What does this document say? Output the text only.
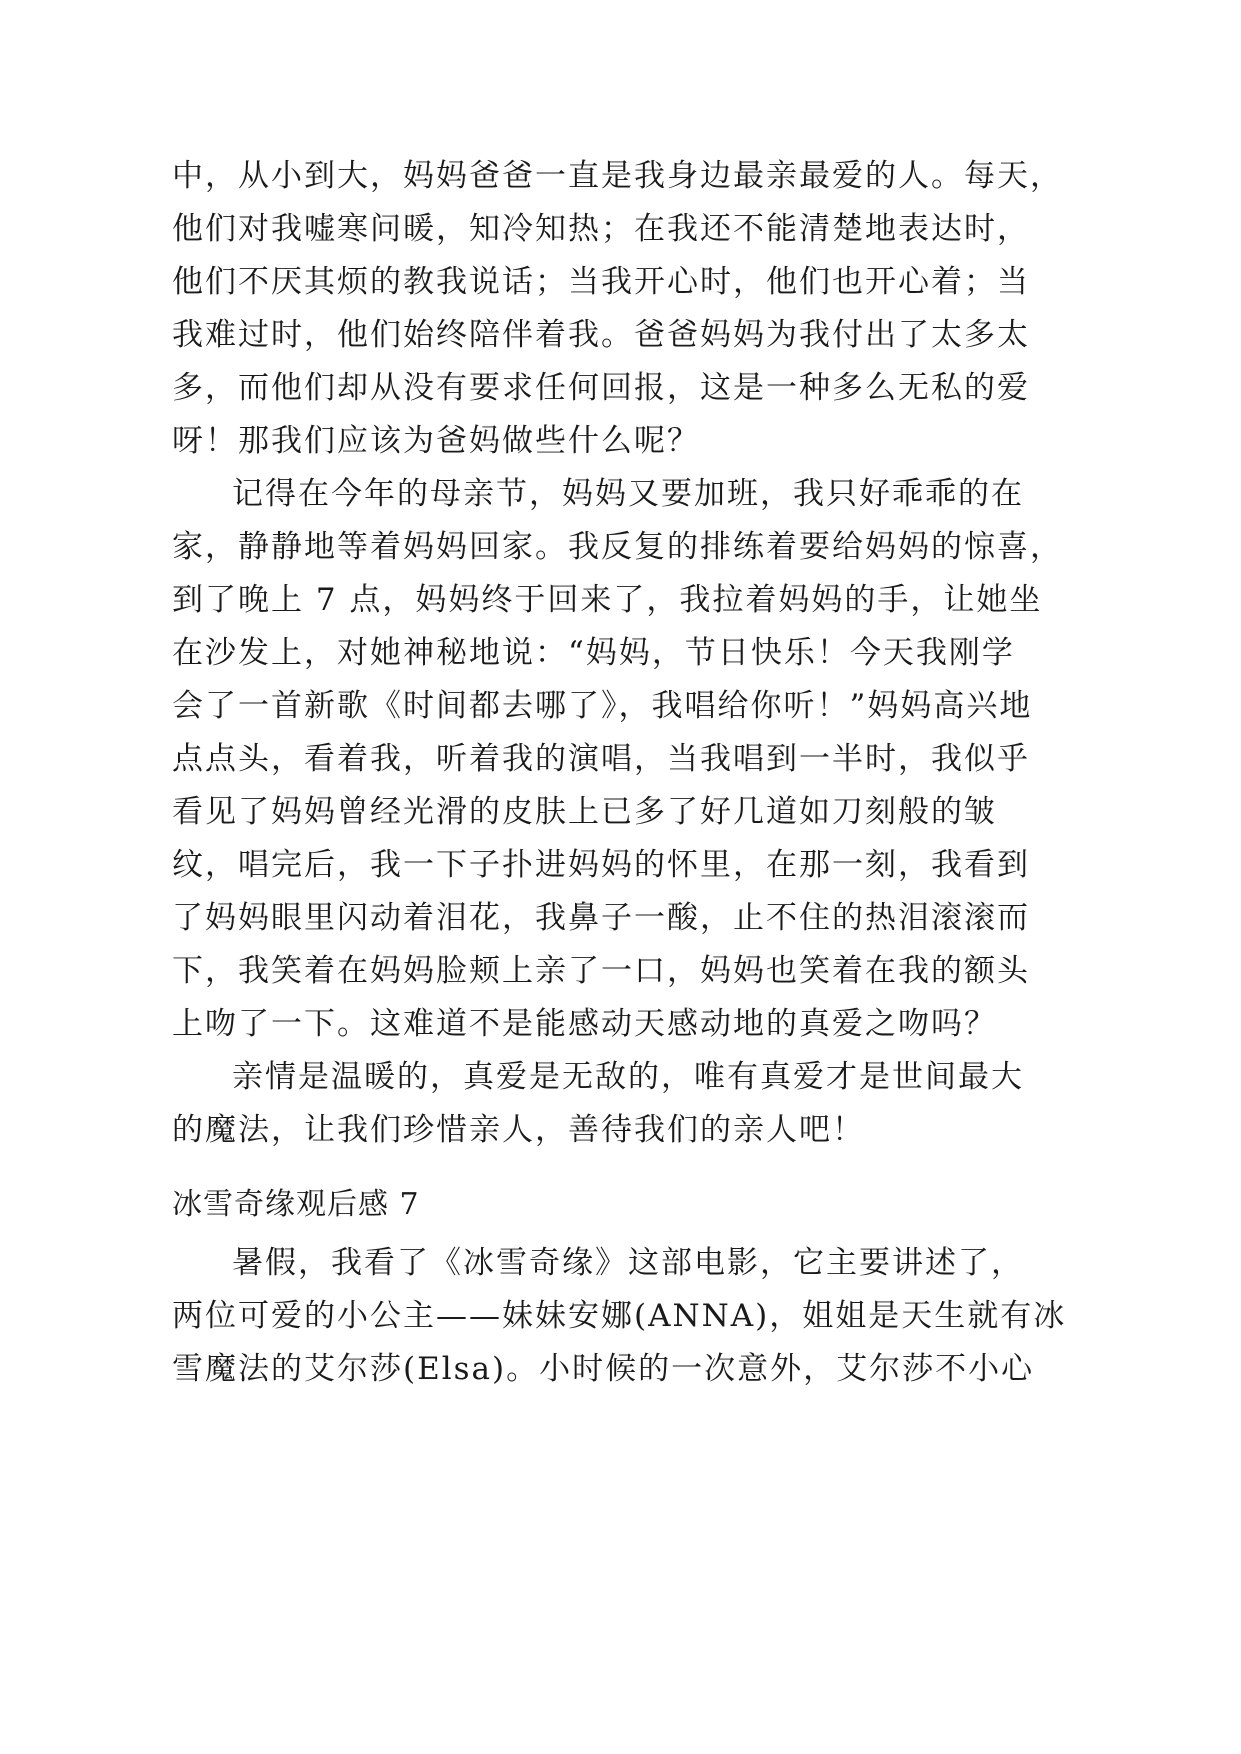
中，从小到大，妈妈爸爸一直是我身边最亲最爱的人。每天，
他们对我嘘寒问暖，知冷知热；在我还不能清楚地表达时，
他们不厌其烦的教我说话；当我开心时，他们也开心着；当
我难过时，他们始终陪伴着我。爸爸妈妈为我付出了太多太
多，而他们却从没有要求任何回报，这是一种多么无私的爱
呀！那我们应该为爸妈做些什么呢？
记得在今年的母亲节，妈妈又要加班，我只好乖乖的在
家，静静地等着妈妈回家。我反复的排练着要给妈妈的惊喜，
到了晚上 7 点，妈妈终于回来了，我拉着妈妈的手，让她坐
在沙发上，对她神秘地说：“妈妈，节日快乐！今天我刚学
会了一首新歌《时间都去哪了》，我唱给你听！”妈妈高兴地
点点头，看着我，听着我的演唱，当我唱到一半时，我似乎
看见了妈妈曾经光滑的皮肤上已多了好几道如刀刻般的皱
纹，唱完后，我一下子扑进妈妈的怀里，在那一刻，我看到
了妈妈眼里闪动着泪花，我鼻子一酸，止不住的热泪滚滚而
下，我笑着在妈妈脸颊上亲了一口，妈妈也笑着在我的额头
上吻了一下。这难道不是能感动天感动地的真爱之吻吗？
亲情是温暖的，真爱是无敌的，唯有真爱才是世间最大
的魔法，让我们珍惜亲人，善待我们的亲人吧！
冰雪奇缘观后感 7
暑假，我看了《冰雪奇缘》这部电影，它主要讲述了，
两位可爱的小公主——妹妹安娜(ANNA)，姐姐是天生就有冰
雪魔法的艾尔莎(Elsa)。小时候的一次意外，艾尔莎不小心
